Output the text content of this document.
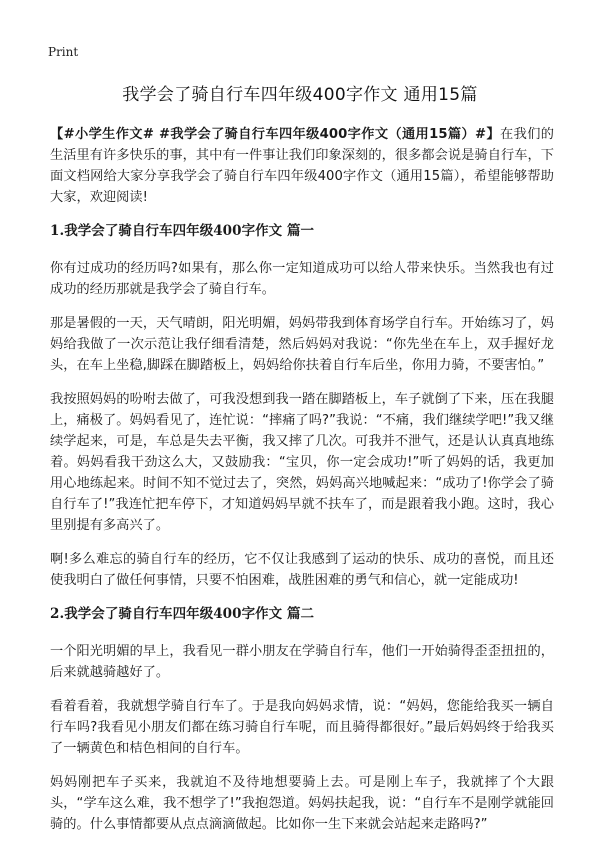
Print
我学会了骑自行车四年级400字作文 通用15篇

【#小学生作文# #我学会了骑自行车四年级400字作文（通用15篇）#】在我们的生活里有许多快乐的事，其中有一件事让我们印象深刻的，很多都会说是骑自行车，下面文档网给大家分享我学会了骑自行车四年级400字作文（通用15篇），希望能够帮助大家，欢迎阅读!

1.我学会了骑自行车四年级400字作文 篇一

你有过成功的经历吗?如果有，那么你一定知道成功可以给人带来快乐。当然我也有过成功的经历那就是我学会了骑自行车。

那是暑假的一天，天气晴朗，阳光明媚，妈妈带我到体育场学自行车。开始练习了，妈妈给我做了一次示范让我仔细看清楚，然后妈妈对我说：“你先坐在车上，双手握好龙头，在车上坐稳,脚踩在脚踏板上，妈妈给你扶着自行车后坐，你用力骑，不要害怕。”

我按照妈妈的吩咐去做了，可我没想到我一踏在脚踏板上，车子就倒了下来，压在我腿上，痛极了。妈妈看见了，连忙说：“摔痛了吗?”我说：“不痛，我们继续学吧!”我又继续学起来，可是，车总是失去平衡，我又摔了几次。可我并不泄气，还是认认真真地练着。妈妈看我干劲这么大，又鼓励我：“宝贝，你一定会成功!”听了妈妈的话，我更加用心地练起来。时间不知不觉过去了，突然，妈妈高兴地喊起来：“成功了!你学会了骑自行车了!”我连忙把车停下，才知道妈妈早就不扶车了，而是跟着我小跑。这时，我心里别提有多高兴了。

啊!多么难忘的骑自行车的经历，它不仅让我感到了运动的快乐、成功的喜悦，而且还使我明白了做任何事情，只要不怕困难，战胜困难的勇气和信心，就一定能成功!

2.我学会了骑自行车四年级400字作文 篇二

一个阳光明媚的早上，我看见一群小朋友在学骑自行车，他们一开始骑得歪歪扭扭的，后来就越骑越好了。

看着看着，我就想学骑自行车了。于是我向妈妈求情，说：“妈妈，您能给我买一辆自行车吗?我看见小朋友们都在练习骑自行车呢，而且骑得都很好。”最后妈妈终于给我买了一辆黄色和桔色相间的自行车。

妈妈刚把车子买来，我就迫不及待地想要骑上去。可是刚上车子，我就摔了个大跟头，“学车这么难，我不想学了!”我抱怨道。妈妈扶起我，说：“自行车不是刚学就能回骑的。什么事情都要从点点滴滴做起。比如你一生下来就会站起来走路吗?”
